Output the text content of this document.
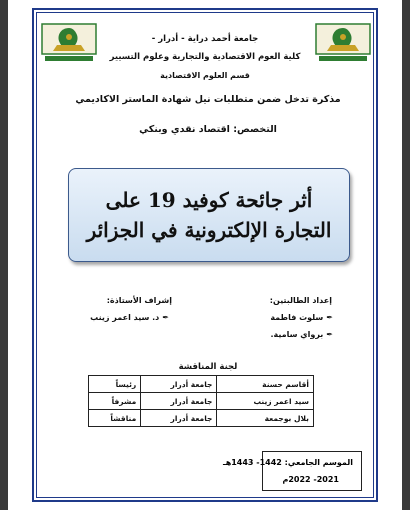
جامعة أحمد دراية - أدرار -
كلية العوم الاقتصادية والتجارية وعلوم التسيير
قسم العلوم الاقتصادية
مذكرة تدخل ضمن متطلبات نيل شهادة الماستر الاكاديمي
التخصص: اقتصاد نقدي وبنكي
أثر جائحة كوفيد 19 على
التجارة الإلكترونية في الجزائر
إعداد الطالبتين:
✒سلوت فاطمة
✒برواي سامية.
إشراف الأستاذة:
✒د. سيد اعمر زينب
لجنة المناقشة
أقاسم حسنة	جامعة أدرار	رئيساً
سيد اعمر زينب	جامعة أدرار	مشرفاً
بلال بوجمعة	جامعة أدرار	مناقشاً
الموسم الجامعي: 1442- 1443هـ
2021- 2022م
